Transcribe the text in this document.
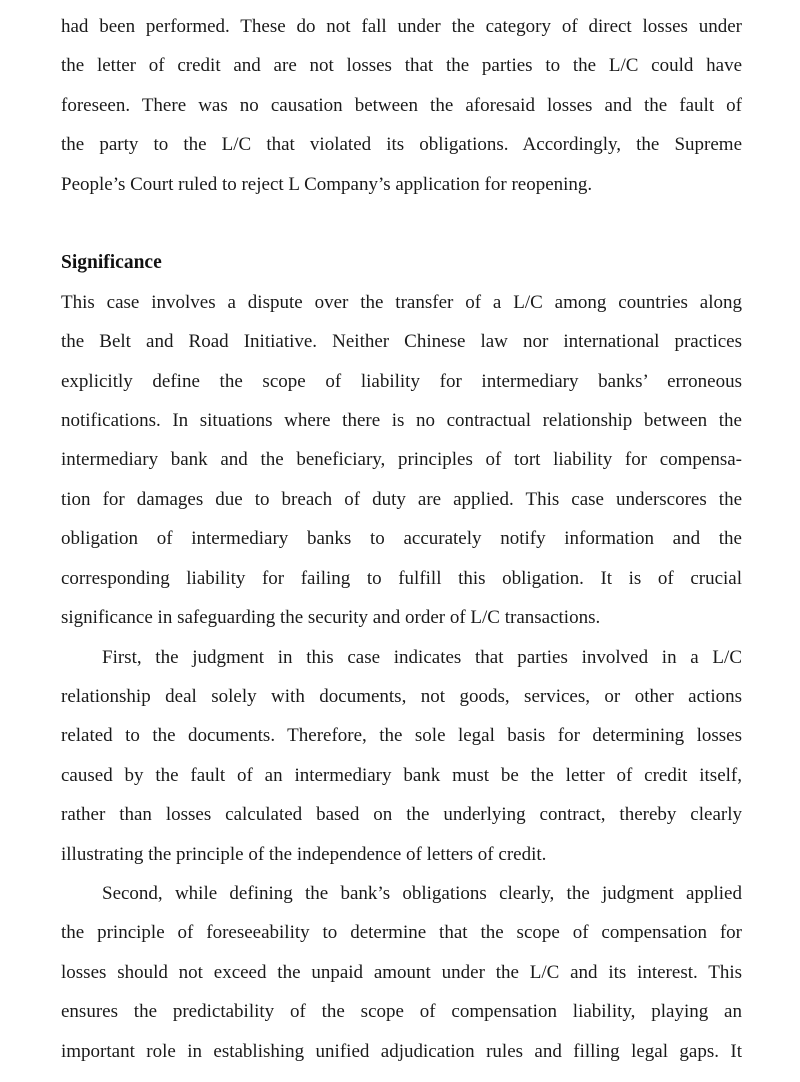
had been performed. These do not fall under the category of direct losses under
the letter of credit and are not losses that the parties to the L/C could have
foreseen. There was no causation between the aforesaid losses and the fault of
the party to the L/C that violated its obligations. Accordingly, the Supreme
People’s Court ruled to reject L Company’s application for reopening.
Significance
This case involves a dispute over the transfer of a L/C among countries along
the Belt and Road Initiative. Neither Chinese law nor international practices
explicitly define the scope of liability for intermediary banks’ erroneous
notifications. In situations where there is no contractual relationship between the
intermediary bank and the beneficiary, principles of tort liability for compensa-
tion for damages due to breach of duty are applied. This case underscores the
obligation of intermediary banks to accurately notify information and the
corresponding liability for failing to fulfill this obligation. It is of crucial
significance in safeguarding the security and order of L/C transactions.
First, the judgment in this case indicates that parties involved in a L/C
relationship deal solely with documents, not goods, services, or other actions
related to the documents. Therefore, the sole legal basis for determining losses
caused by the fault of an intermediary bank must be the letter of credit itself,
rather than losses calculated based on the underlying contract, thereby clearly
illustrating the principle of the independence of letters of credit.
Second, while defining the bank’s obligations clearly, the judgment applied
the principle of foreseeability to determine that the scope of compensation for
losses should not exceed the unpaid amount under the L/C and its interest. This
ensures the predictability of the scope of compensation liability, playing an
important role in establishing unified adjudication rules and filling legal gaps. It
